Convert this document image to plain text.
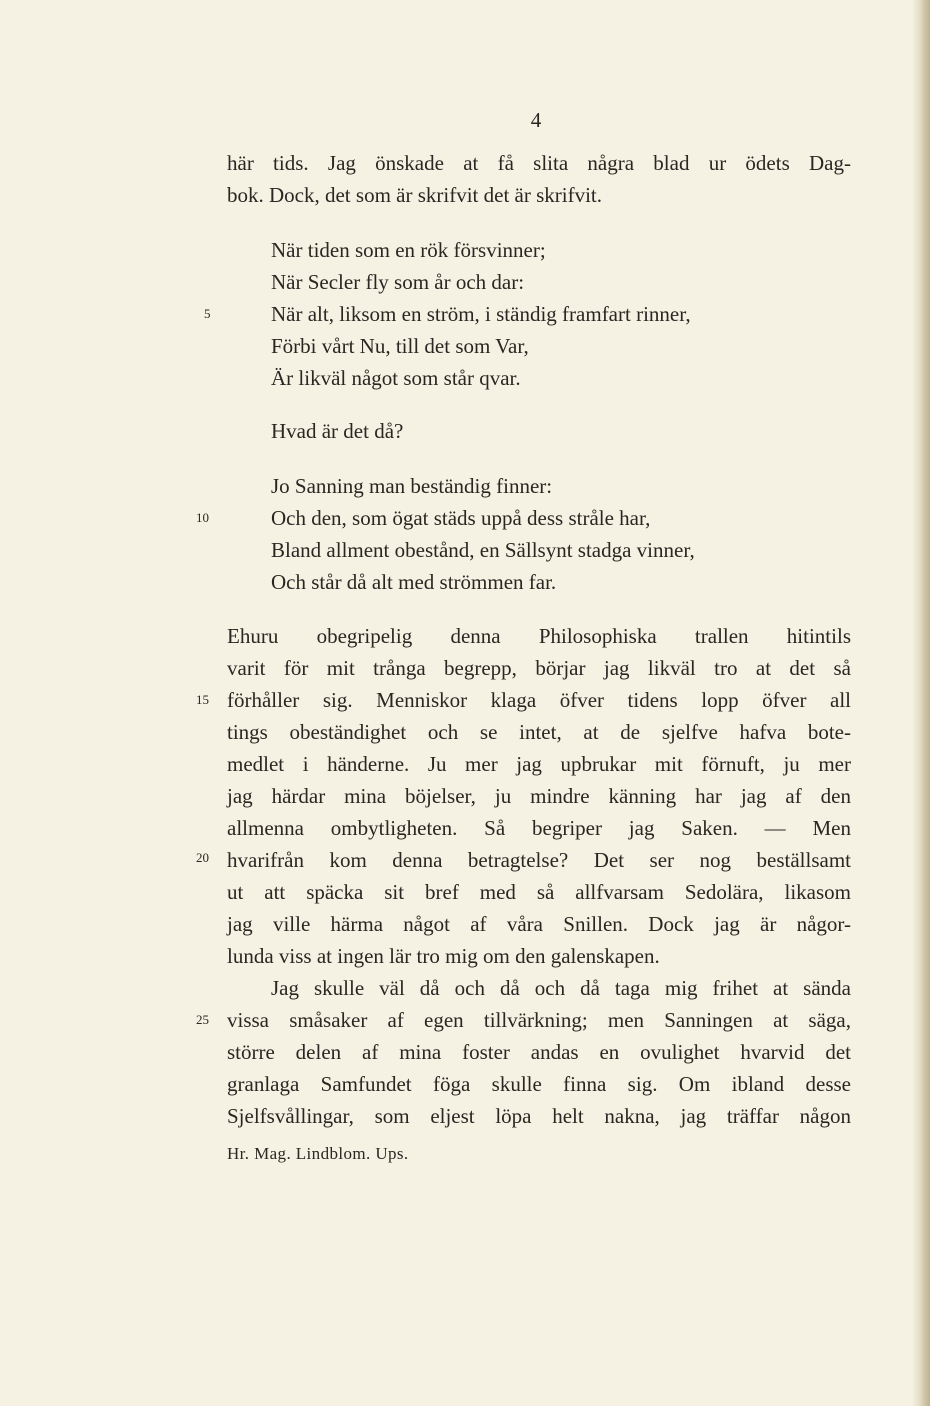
4
här tids. Jag önskade at få slita några blad ur ödets Dag-
bok. Dock, det som är skrifvit det är skrifvit.
När tiden som en rök försvinner;
När Secler fly som år och dar:
När alt, liksom en ström, i ständig framfart rinner,
Förbi vårt Nu, till det som Var,
Är likväl något som står qvar.
Hvad är det då?
Jo Sanning man beständig finner:
Och den, som ögat städs uppå dess stråle har,
Bland allment obestånd, en Sällsynt stadga vinner,
Och står då alt med strömmen far.
Ehuru obegripelig denna Philosophiska trallen hitintils
varit för mit trånga begrepp, börjar jag likväl tro at det så
förhåller sig. Menniskor klaga öfver tidens lopp öfver all
tings obeständighet och se intet, at de sjelfve hafva bote-
medlet i händerne. Ju mer jag upbrukar mit förnuft, ju mer
jag härdar mina böjelser, ju mindre känning har jag af den
allmenna ombytligheten. Så begriper jag Saken. — Men
hvarifrån kom denna betragtelse? Det ser nog beställsamt
ut att späcka sit bref med så allfvarsam Sedolära, likasom
jag ville härma något af våra Snillen. Dock jag är någor-
lunda viss at ingen lär tro mig om den galenskapen.
Jag skulle väl då och då och då taga mig frihet at sända
vissa småsaker af egen tillvärkning; men Sanningen at säga,
större delen af mina foster andas en ovulighet hvarvid det
granlaga Samfundet föga skulle finna sig. Om ibland desse
Sjelfsvållingar, som eljest löpa helt nakna, jag träffar någon
5
10
15
20
25
Hr. Mag. Lindblom. Ups.
